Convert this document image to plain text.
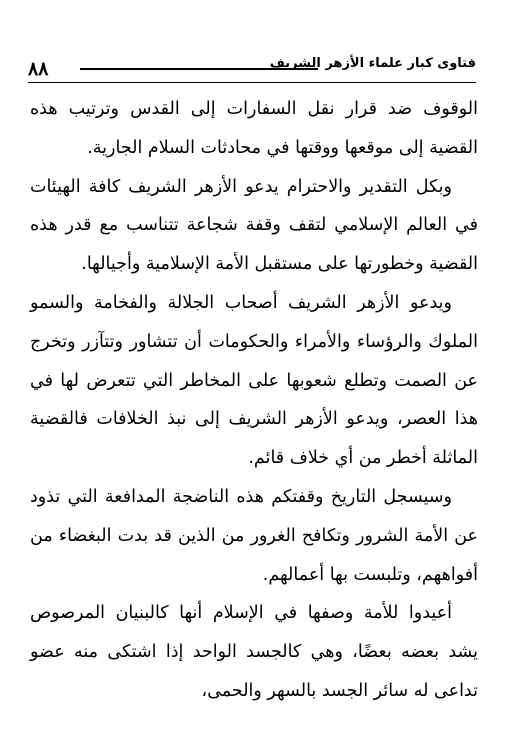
٨٨	فتاوى كبار علماء الأزهر الشريف

الوقوف ضد قرار نقل السفارات إلى القدس وترتيب هذه القضية إلى موقعها ووقتها في محادثات السلام الجارية.

وبكل التقدير والاحترام يدعو الأزهر الشريف كافة الهيئات في العالم الإسلامي لتقف وقفة شجاعة تتناسب مع قدر هذه القضية وخطورتها على مستقبل الأمة الإسلامية وأجيالها.

ويدعو الأزهر الشريف أصحاب الجلالة والفخامة والسمو الملوك والرؤساء والأمراء والحكومات أن تتشاور وتتآزر وتخرج عن الصمت وتطلع شعوبها على المخاطر التي تتعرض لها في هذا العصر، ويدعو الأزهر الشريف إلى نبذ الخلافات فالقضية الماثلة أخطر من أي خلاف قائم.

وسيسجل التاريخ وقفتكم هذه الناضجة المدافعة التي تذود عن الأمة الشرور وتكافح الغرور من الذين قد بدت البغضاء من أفواههم، وتلبست بها أعمالهم.

أعيدوا للأمة وصفها في الإسلام أنها كالبنيان المرصوص يشد بعضه بعضًا، وهي كالجسد الواحد إذا اشتكى منه عضو تداعى له سائر الجسد بالسهر والحمى،
